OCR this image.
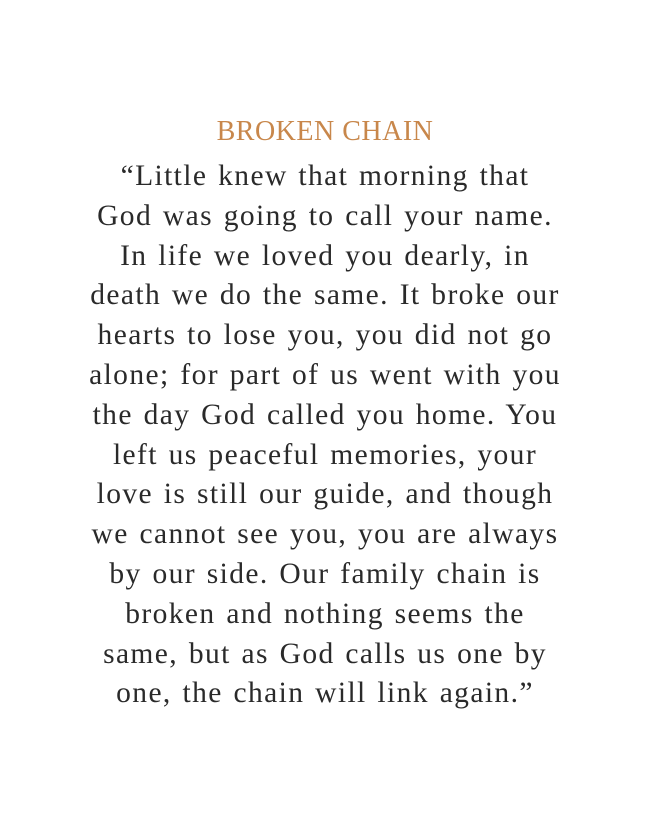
BROKEN CHAIN
“Little knew that morning that
God was going to call your name.
In life we loved you dearly, in
death we do the same. It broke our
hearts to lose you, you did not go
alone; for part of us went with you
the day God called you home. You
left us peaceful memories, your
love is still our guide, and though
we cannot see you, you are always
by our side. Our family chain is
broken and nothing seems the
same, but as God calls us one by
one, the chain will link again.”
